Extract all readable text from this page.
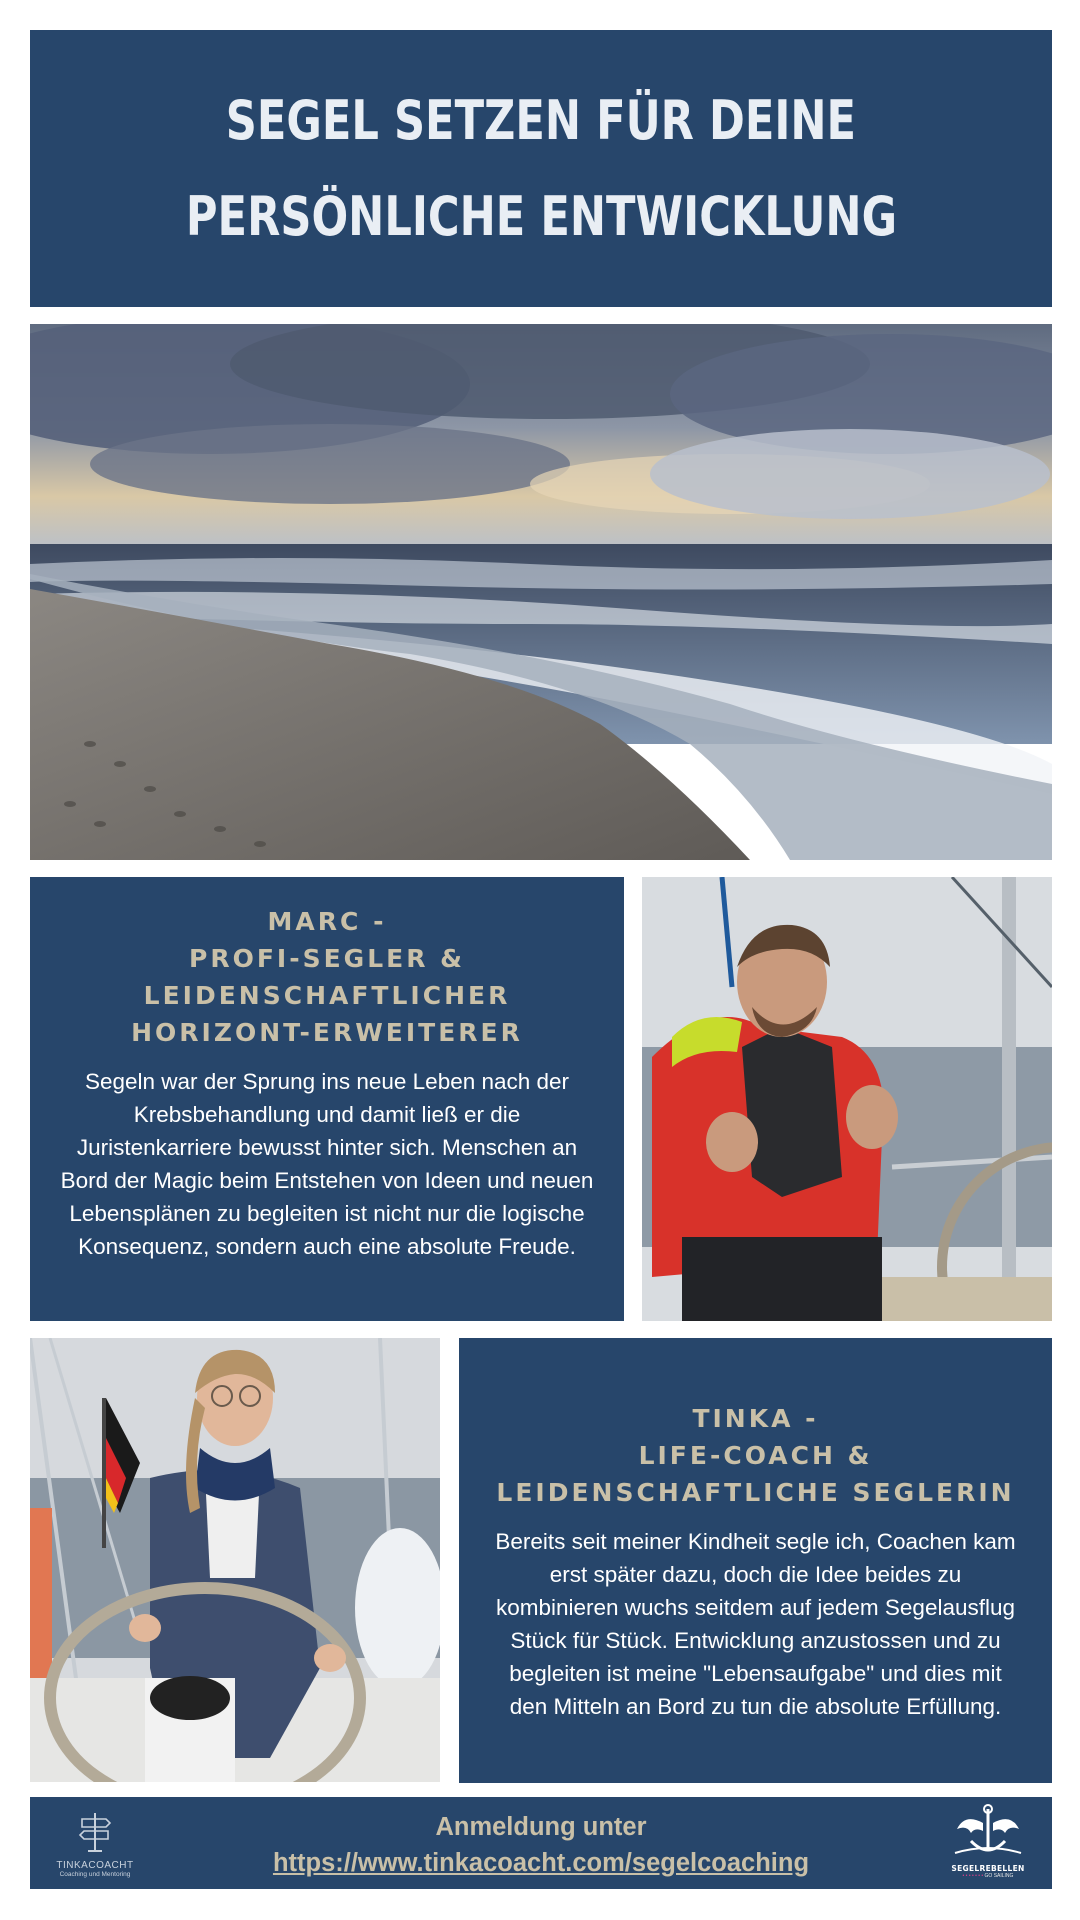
SEGEL SETZEN FÜR DEINE
PERSÖNLICHE ENTWICKLUNG
MARC -
PROFI-SEGLER &
LEIDENSCHAFTLICHER
HORIZONT-ERWEITERER
Segeln war der Sprung ins neue Leben nach der
Krebsbehandlung und damit ließ er die
Juristenkarriere bewusst hinter sich. Menschen an
Bord der Magic beim Entstehen von Ideen und neuen
Lebensplänen zu begleiten ist nicht nur die logische
Konsequenz, sondern auch eine absolute Freude.
TINKA -
LIFE-COACH &
LEIDENSCHAFTLICHE SEGLERIN
Bereits seit meiner Kindheit segle ich, Coachen kam
erst später dazu, doch die Idee beides zu
kombinieren wuchs seitdem auf jedem Segelausflug
Stück für Stück. Entwicklung anzustossen und zu
begleiten ist meine "Lebensaufgabe" und dies mit
den Mitteln an Bord zu tun die absolute Erfüllung.
TINKACOACHT
Coaching und Mentoring
Anmeldung unter
https://www.tinkacoacht.com/segelcoaching	SEGELREBELLEN
• • • • • • • GO SAILING
